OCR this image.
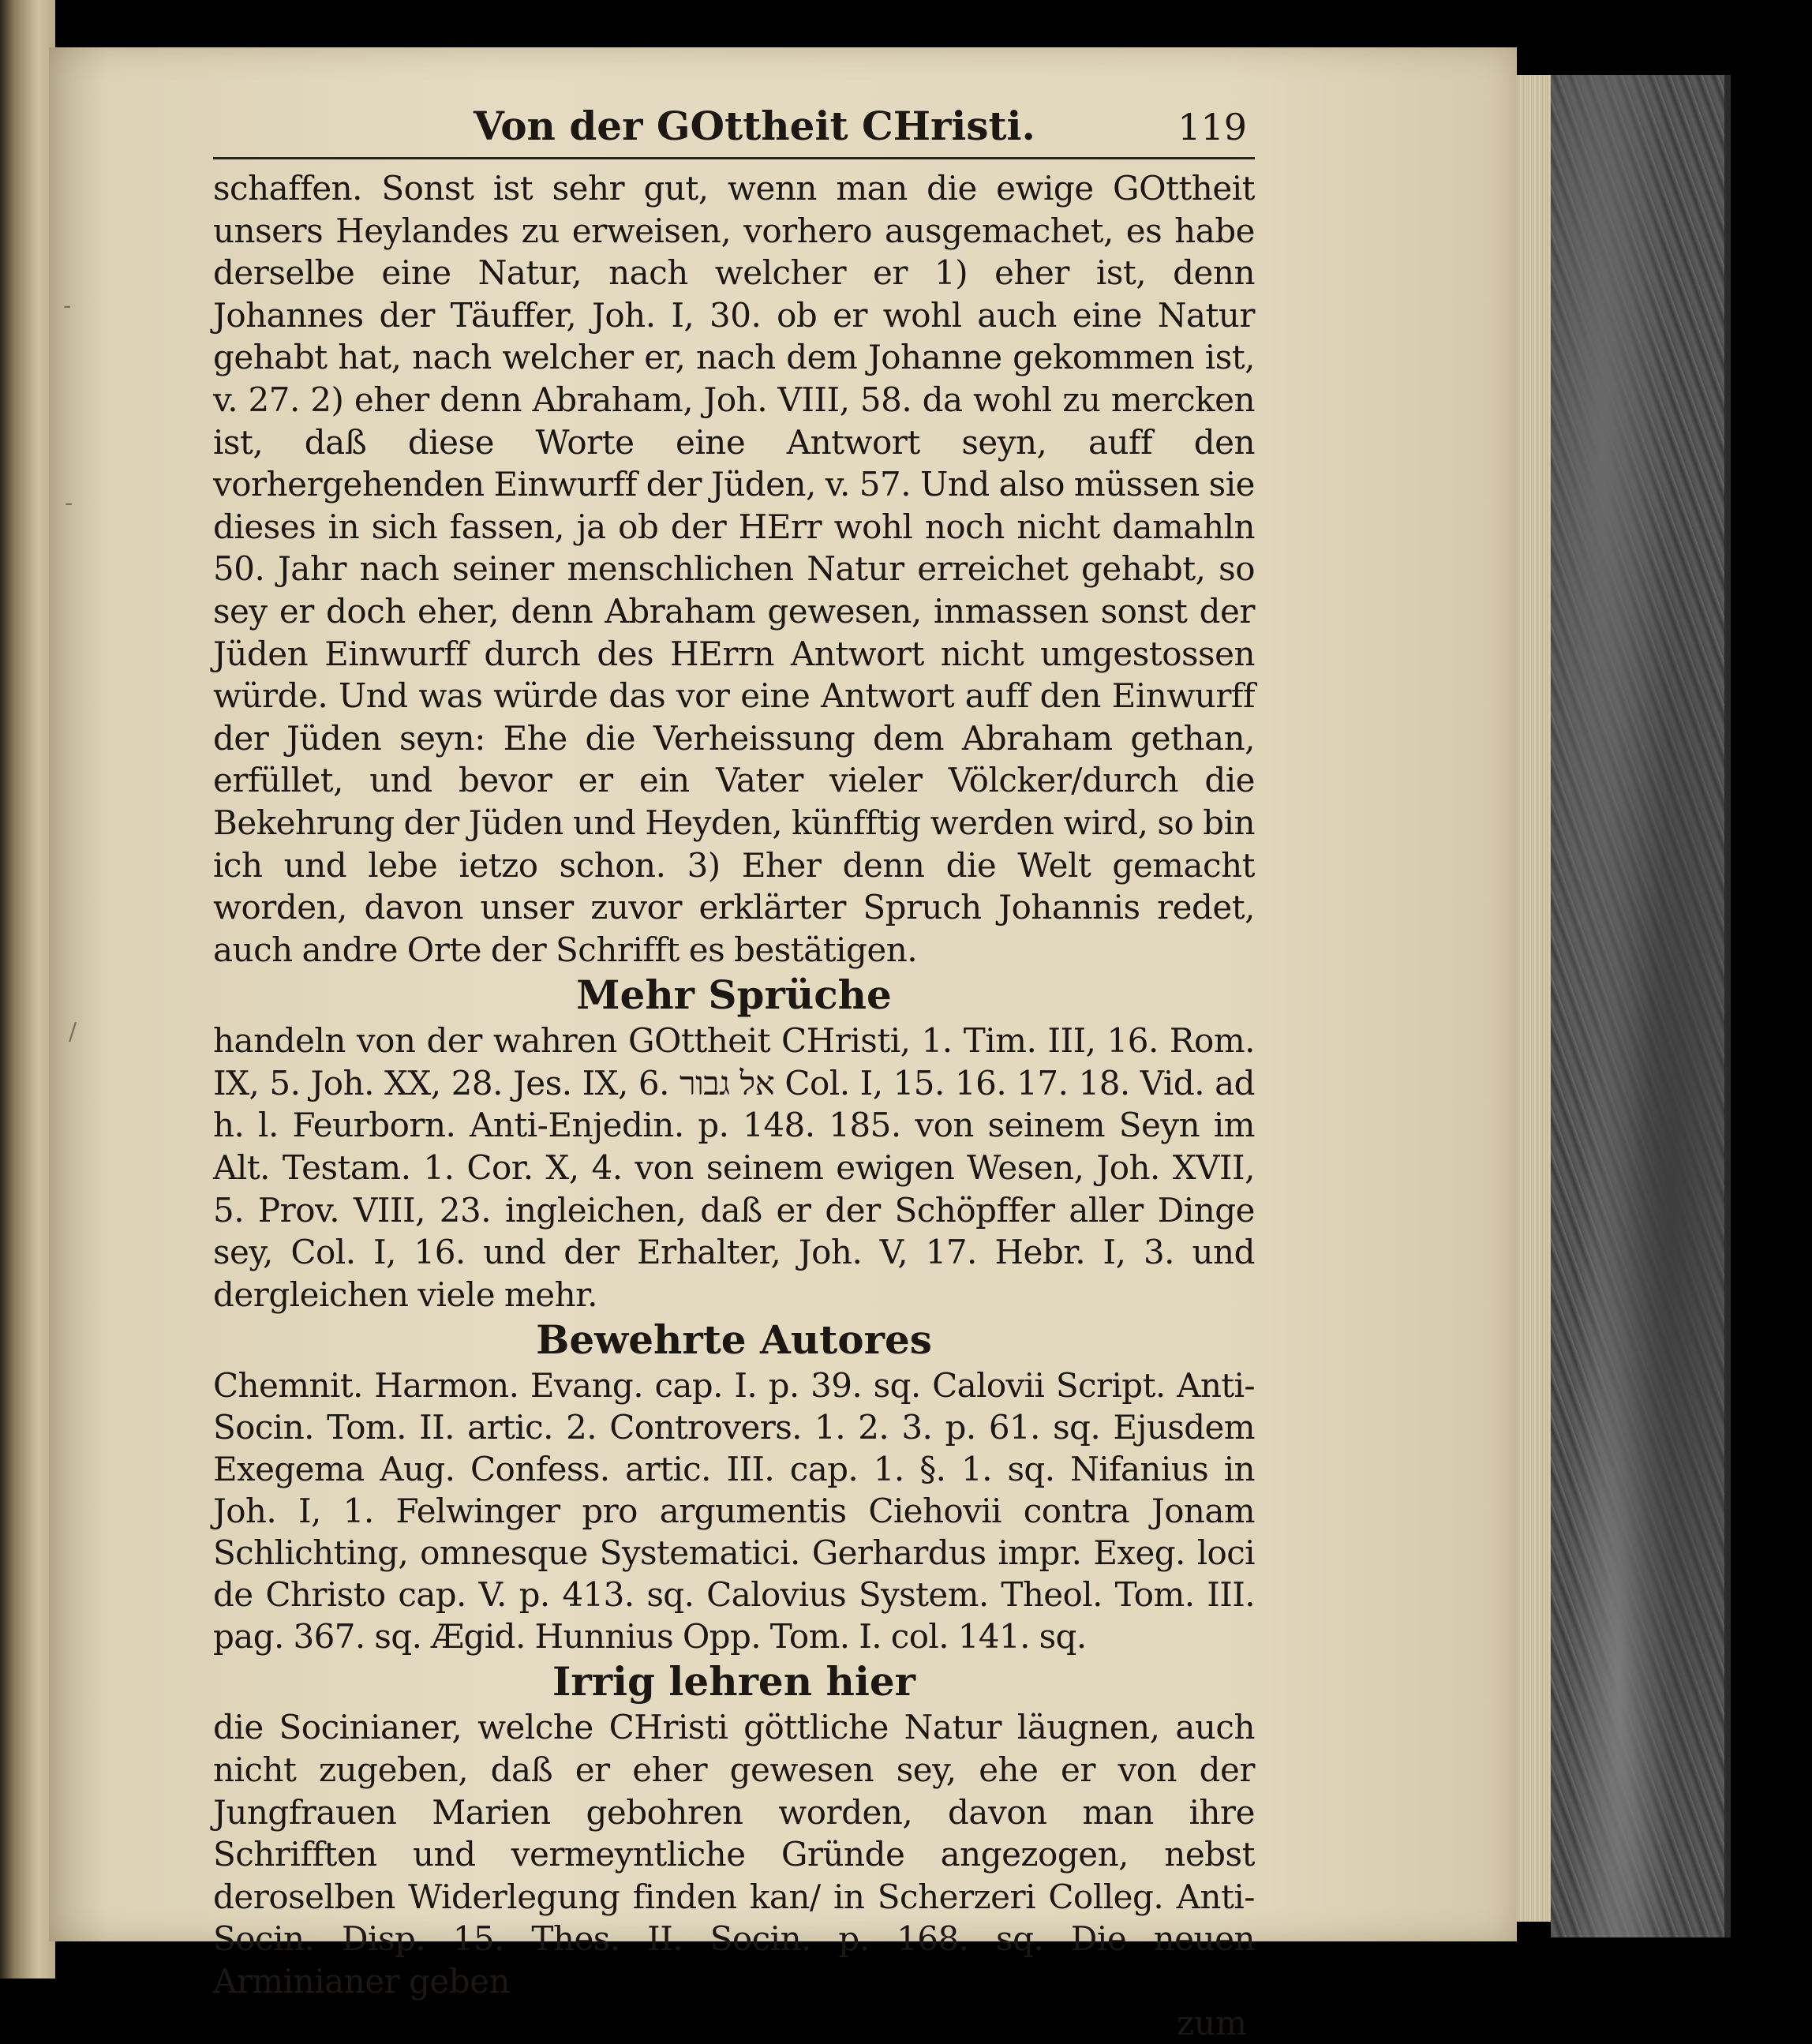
-
-
/
Von der GOttheit CHristi.	119

schaffen. Sonst ist sehr gut, wenn man die ewige GOttheit unsers Heylandes zu erweisen, vorhero ausgemachet, es habe derselbe eine Natur, nach welcher er 1) eher ist, denn Johannes der Täuffer, Joh. I, 30. ob er wohl auch eine Natur gehabt hat, nach welcher er, nach dem Johanne gekommen ist, v. 27. 2) eher denn Abraham, Joh. VIII, 58. da wohl zu mercken ist, daß diese Worte eine Antwort seyn, auff den vorhergehenden Einwurff der Jüden, v. 57. Und also müssen sie dieses in sich fassen, ja ob der HErr wohl noch nicht damahln 50. Jahr nach seiner menschlichen Natur erreichet gehabt, so sey er doch eher, denn Abraham gewesen, inmassen sonst der Jüden Einwurff durch des HErrn Antwort nicht umgestossen würde. Und was würde das vor eine Antwort auff den Einwurff der Jüden seyn: Ehe die Verheissung dem Abraham gethan, erfüllet, und bevor er ein Vater vieler Völcker/durch die Bekehrung der Jüden und Heyden, künfftig werden wird, so bin ich und lebe ietzo schon. 3) Eher denn die Welt gemacht worden, davon unser zuvor erklärter Spruch Johannis redet, auch andre Orte der Schrifft es bestätigen.

Mehr Sprüche

handeln von der wahren GOttheit CHristi, 1. Tim. III, 16. Rom. IX, 5. Joh. XX, 28. Jes. IX, 6. אל גבור Col. I, 15. 16. 17. 18. Vid. ad h. l. Feurborn. Anti-Enjedin. p. 148. 185. von seinem Seyn im Alt. Testam. 1. Cor. X, 4. von seinem ewigen Wesen, Joh. XVII, 5. Prov. VIII, 23. ingleichen, daß er der Schöpffer aller Dinge sey, Col. I, 16. und der Erhalter, Joh. V, 17. Hebr. I, 3. und dergleichen viele mehr.

Bewehrte Autores

Chemnit. Harmon. Evang. cap. I. p. 39. sq. Calovii Script. Anti-Socin. Tom. II. artic. 2. Controvers. 1. 2. 3. p. 61. sq. Ejusdem Exegema Aug. Confess. artic. III. cap. 1. §. 1. sq. Nifanius in Joh. I, 1. Felwinger pro argumentis Ciehovii contra Jonam Schlichting, omnesque Systematici. Gerhardus impr. Exeg. loci de Christo cap. V. p. 413. sq. Calovius System. Theol. Tom. III. pag. 367. sq. Ægid. Hunnius Opp. Tom. I. col. 141. sq.

Irrig lehren hier

die Socinianer, welche CHristi göttliche Natur läugnen, auch nicht zugeben, daß er eher gewesen sey, ehe er von der Jungfrauen Marien gebohren worden, davon man ihre Schrifften und vermeyntliche Gründe angezogen, nebst deroselben Widerlegung finden kan/ in Scherzeri Colleg. Anti-Socin. Disp. 15. Thes. II. Socin. p. 168. sq. Die neuen Arminianer geben

zum
